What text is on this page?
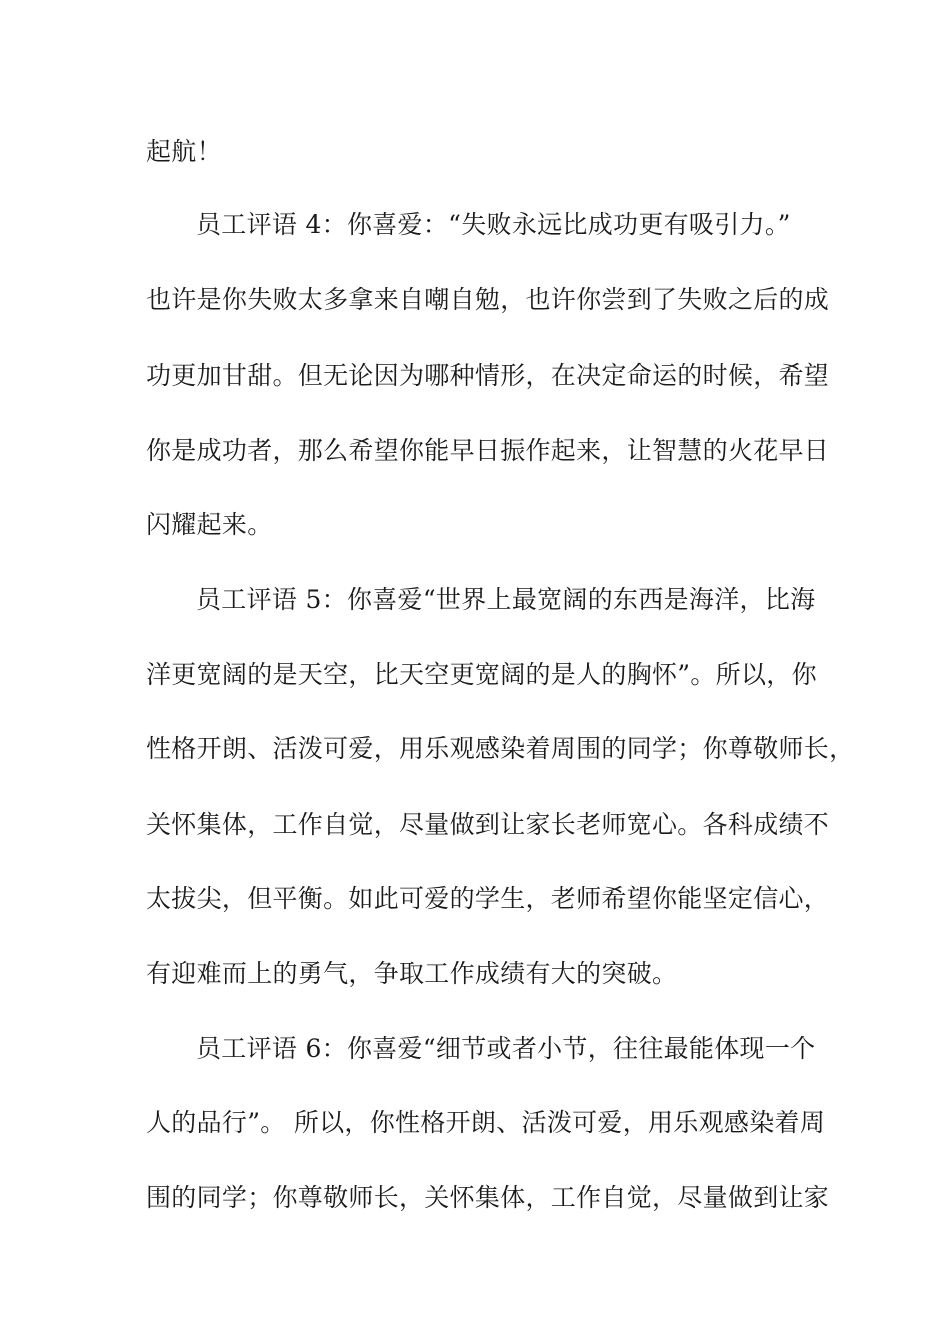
起航！
员工评语 4：你喜爱：“失败永远比成功更有吸引力。”
也许是你失败太多拿来自嘲自勉，也许你尝到了失败之后的成
功更加甘甜。但无论因为哪种情形，在决定命运的时候，希望
你是成功者，那么希望你能早日振作起来，让智慧的火花早日
闪耀起来。
员工评语 5：你喜爱“世界上最宽阔的东西是海洋，比海
洋更宽阔的是天空，比天空更宽阔的是人的胸怀”。所以，你
性格开朗、活泼可爱，用乐观感染着周围的同学；你尊敬师长，
关怀集体，工作自觉，尽量做到让家长老师宽心。各科成绩不
太拔尖，但平衡。如此可爱的学生，老师希望你能坚定信心，
有迎难而上的勇气，争取工作成绩有大的突破。
员工评语 6：你喜爱“细节或者小节，往往最能体现一个
人的品行”。 所以，你性格开朗、活泼可爱，用乐观感染着周
围的同学；你尊敬师长，关怀集体，工作自觉，尽量做到让家
